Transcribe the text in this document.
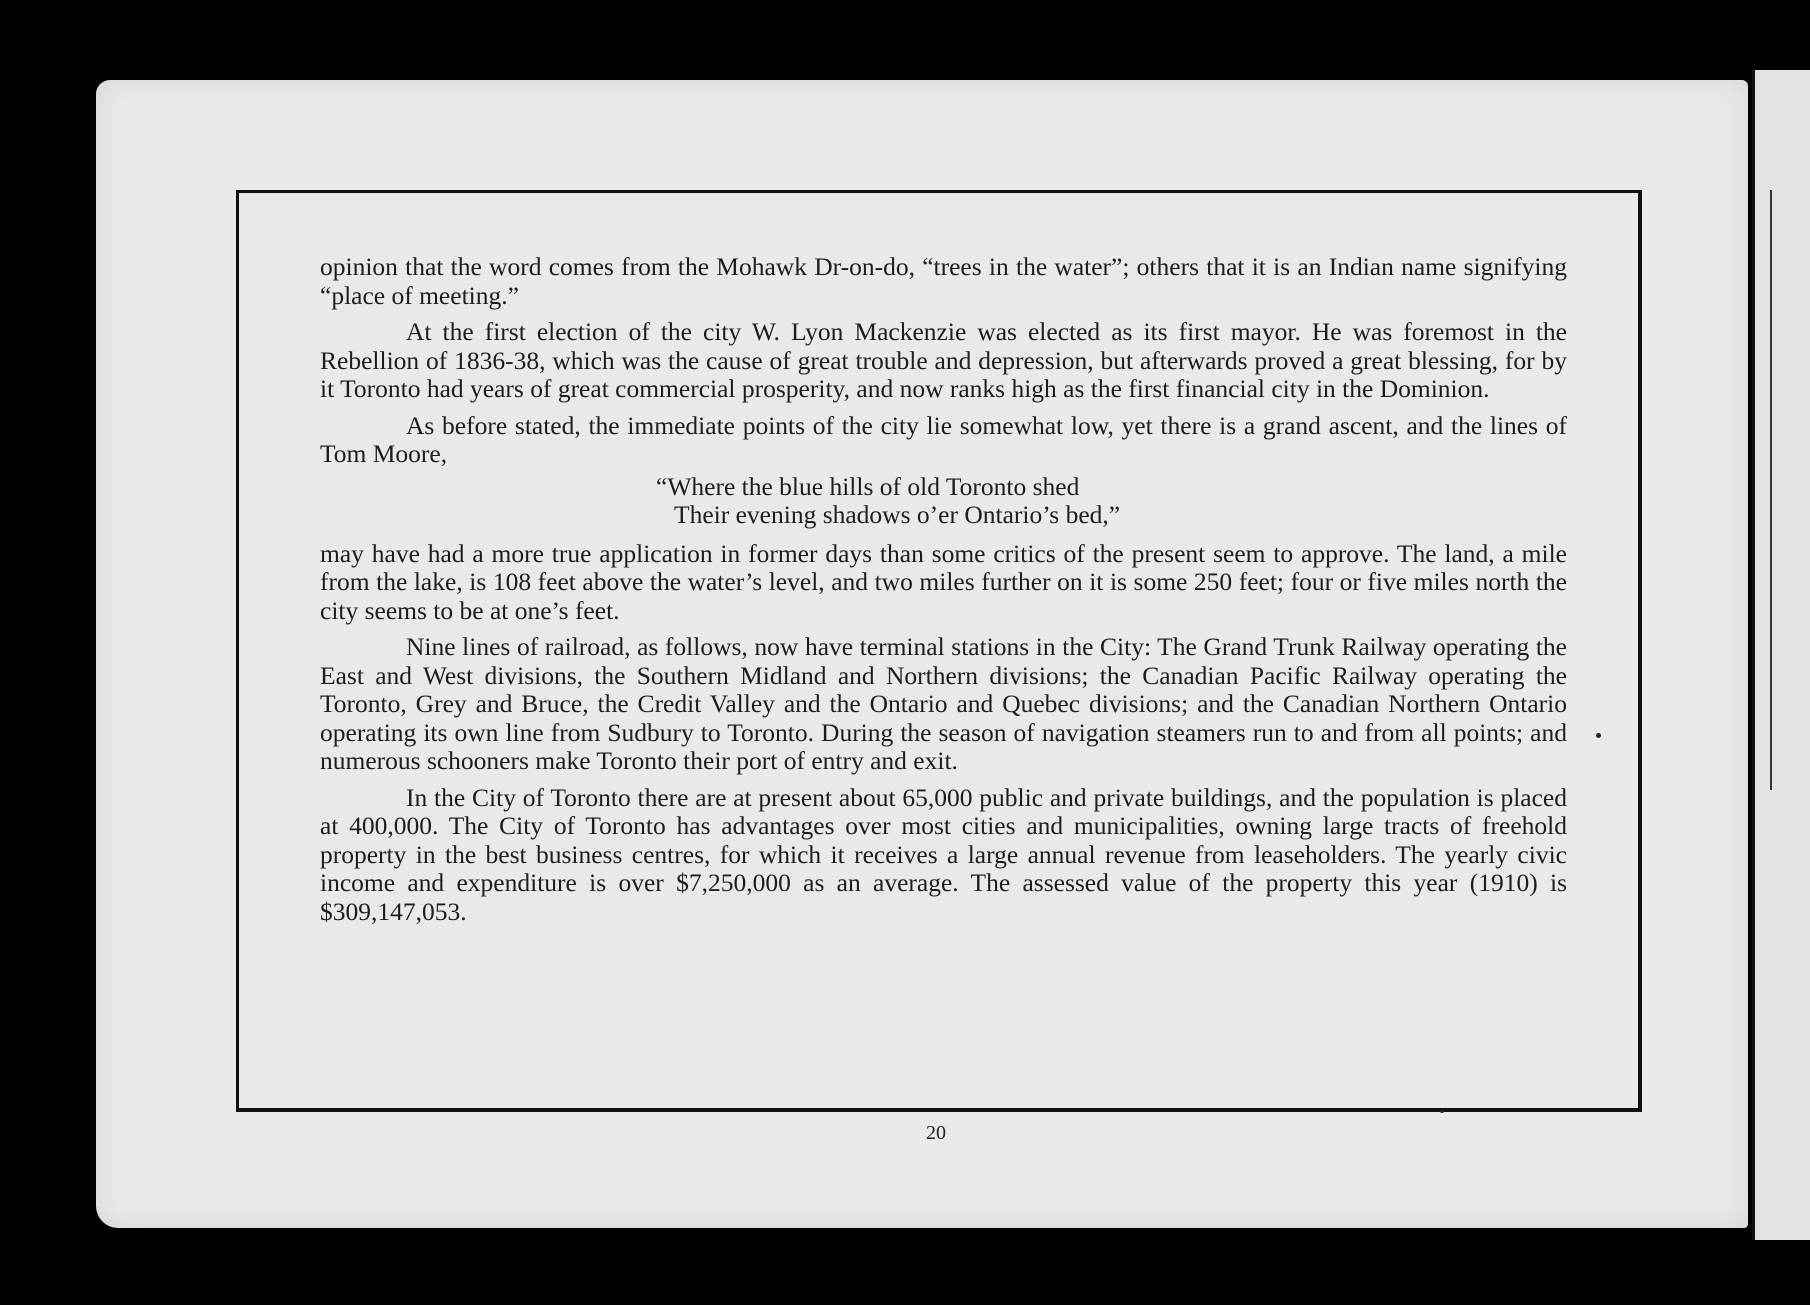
opinion that the word comes from the Mohawk Dr-on-do, “trees in the water”; others that it is an Indian name signifying “place of meeting.”

At the first election of the city W. Lyon Mackenzie was elected as its first mayor. He was foremost in the Rebellion of 1836-38, which was the cause of great trouble and depression, but afterwards proved a great blessing, for by it Toronto had years of great commercial prosperity, and now ranks high as the first financial city in the Dominion.

As before stated, the immediate points of the city lie somewhat low, yet there is a grand ascent, and the lines of Tom Moore,

“Where the blue hills of old Toronto shed
Their evening shadows o’er Ontario’s bed,”

may have had a more true application in former days than some critics of the present seem to approve. The land, a mile from the lake, is 108 feet above the water’s level, and two miles further on it is some 250 feet; four or five miles north the city seems to be at one’s feet.

Nine lines of railroad, as follows, now have terminal stations in the City: The Grand Trunk Railway operating the East and West divisions, the Southern Midland and Northern divisions; the Canadian Pacific Railway operating the Toronto, Grey and Bruce, the Credit Valley and the Ontario and Quebec divisions; and the Canadian Northern Ontario operating its own line from Sudbury to Toronto. During the season of navigation steamers run to and from all points; and numerous schooners make Toronto their port of entry and exit.

In the City of Toronto there are at present about 65,000 public and private buildings, and the population is placed at 400,000. The City of Toronto has advantages over most cities and municipalities, owning large tracts of freehold property in the best business centres, for which it receives a large annual revenue from leaseholders. The yearly civic income and expenditure is over $7,250,000 as an average. The assessed value of the property this year (1910) is $309,147,053.

20
